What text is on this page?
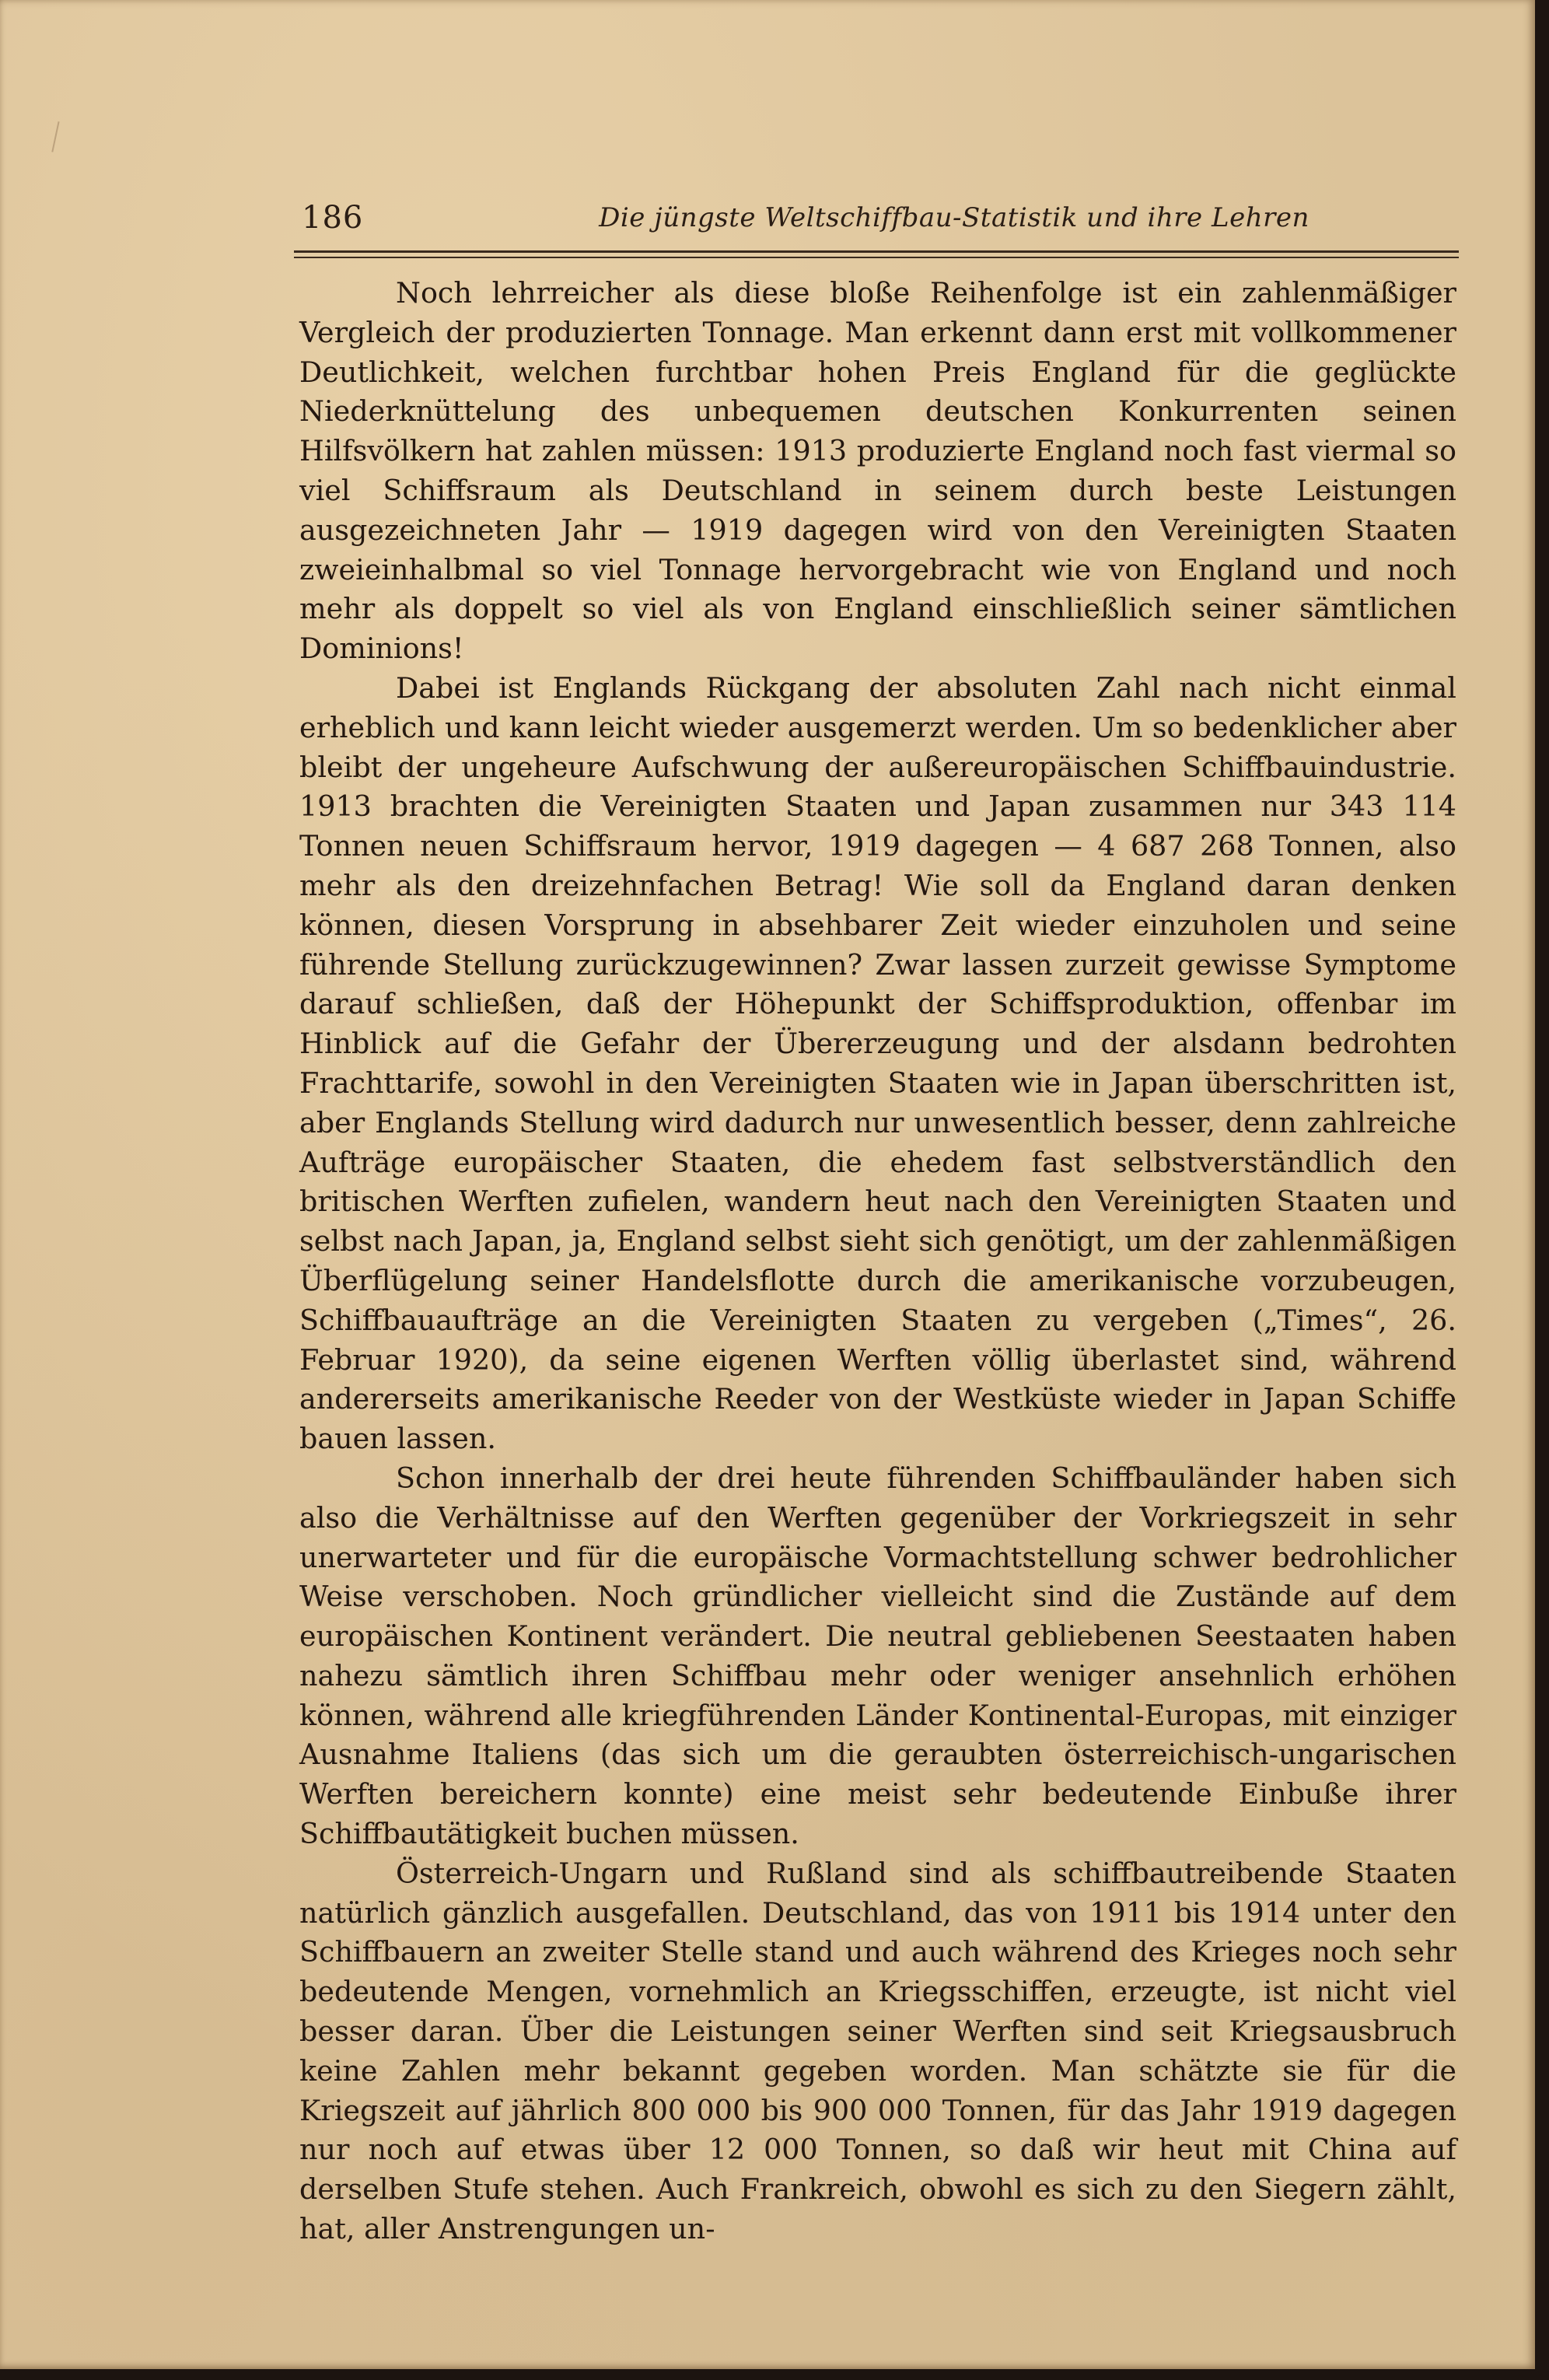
186	Die jüngste Weltschiffbau-Statistik und ihre Lehren

Noch lehrreicher als diese bloße Reihenfolge ist ein zahlenmäßiger Vergleich der produzierten Tonnage. Man erkennt dann erst mit vollkommener Deutlichkeit, welchen furchtbar hohen Preis England für die geglückte Niederknüttelung des unbequemen deutschen Konkurrenten seinen Hilfsvölkern hat zahlen müssen: 1913 produzierte England noch fast viermal so viel Schiffsraum als Deutschland in seinem durch beste Leistungen ausgezeichneten Jahr — 1919 dagegen wird von den Vereinigten Staaten zweieinhalbmal so viel Tonnage hervorgebracht wie von England und noch mehr als doppelt so viel als von England einschließlich seiner sämtlichen Dominions!

Dabei ist Englands Rückgang der absoluten Zahl nach nicht einmal erheblich und kann leicht wieder ausgemerzt werden. Um so bedenklicher aber bleibt der ungeheure Aufschwung der außereuropäischen Schiffbauindustrie. 1913 brachten die Vereinigten Staaten und Japan zusammen nur 343 114 Tonnen neuen Schiffsraum hervor, 1919 dagegen — 4 687 268 Tonnen, also mehr als den dreizehnfachen Betrag! Wie soll da England daran denken können, diesen Vorsprung in absehbarer Zeit wieder einzuholen und seine führende Stellung zurückzugewinnen? Zwar lassen zurzeit gewisse Symptome darauf schließen, daß der Höhepunkt der Schiffsproduktion, offenbar im Hinblick auf die Gefahr der Übererzeugung und der alsdann bedrohten Frachttarife, sowohl in den Vereinigten Staaten wie in Japan überschritten ist, aber Englands Stellung wird dadurch nur unwesentlich besser, denn zahlreiche Aufträge europäischer Staaten, die ehedem fast selbstverständlich den britischen Werften zufielen, wandern heut nach den Vereinigten Staaten und selbst nach Japan, ja, England selbst sieht sich genötigt, um der zahlenmäßigen Überflügelung seiner Handelsflotte durch die amerikanische vorzubeugen, Schiffbauaufträge an die Vereinigten Staaten zu vergeben („Times“, 26. Februar 1920), da seine eigenen Werften völlig überlastet sind, während andererseits amerikanische Reeder von der Westküste wieder in Japan Schiffe bauen lassen.

Schon innerhalb der drei heute führenden Schiffbauländer haben sich also die Verhältnisse auf den Werften gegenüber der Vorkriegszeit in sehr unerwarteter und für die europäische Vormachtstellung schwer bedrohlicher Weise verschoben. Noch gründlicher vielleicht sind die Zustände auf dem europäischen Kontinent verändert. Die neutral gebliebenen Seestaaten haben nahezu sämtlich ihren Schiffbau mehr oder weniger ansehnlich erhöhen können, während alle kriegführenden Länder Kontinental-Europas, mit einziger Ausnahme Italiens (das sich um die geraubten österreichisch-ungarischen Werften bereichern konnte) eine meist sehr bedeutende Einbuße ihrer Schiffbautätigkeit buchen müssen.

Österreich-Ungarn und Rußland sind als schiffbautreibende Staaten natürlich gänzlich ausgefallen. Deutschland, das von 1911 bis 1914 unter den Schiffbauern an zweiter Stelle stand und auch während des Krieges noch sehr bedeutende Mengen, vornehmlich an Kriegsschiffen, erzeugte, ist nicht viel besser daran. Über die Leistungen seiner Werften sind seit Kriegsausbruch keine Zahlen mehr bekannt gegeben worden. Man schätzte sie für die Kriegszeit auf jährlich 800 000 bis 900 000 Tonnen, für das Jahr 1919 dagegen nur noch auf etwas über 12 000 Tonnen, so daß wir heut mit China auf derselben Stufe stehen. Auch Frankreich, obwohl es sich zu den Siegern zählt, hat, aller Anstrengungen un-
